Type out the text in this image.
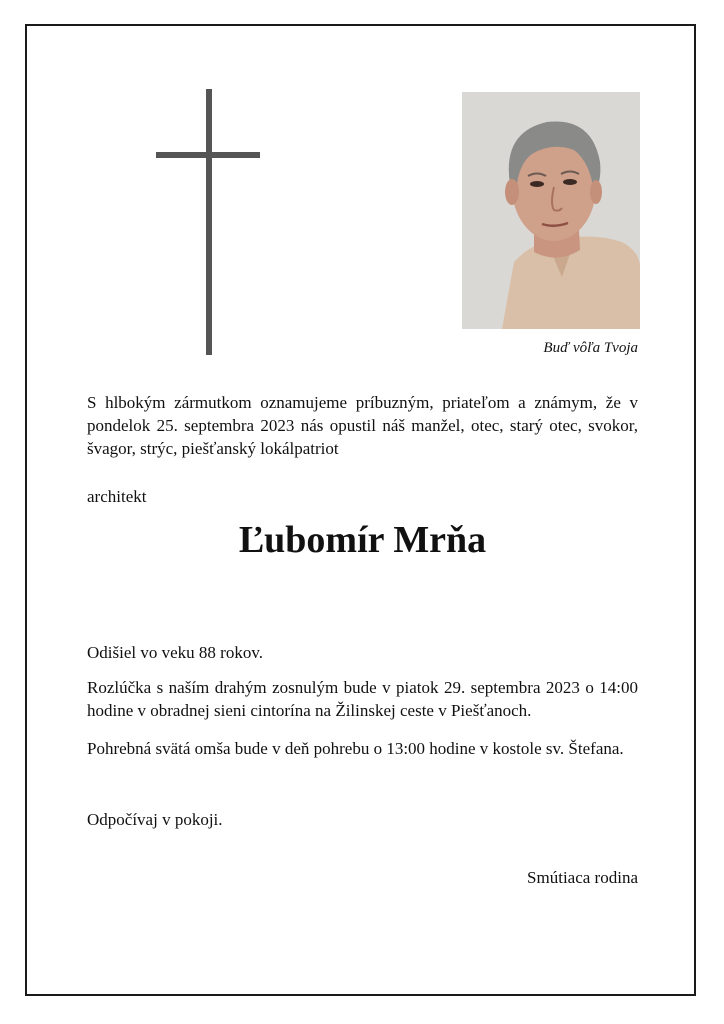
Buď vôľa Tvoja
S hlbokým zármutkom oznamujeme príbuzným, priateľom a známym, že v pondelok 25. septembra 2023 nás opustil náš manžel, otec, starý otec, svokor, švagor, strýc, piešťanský lokálpatriot
architekt
Ľubomír Mrňa
Odišiel vo veku 88 rokov.
Rozlúčka s naším drahým zosnulým bude v piatok 29. septembra 2023 o 14:00 hodine v obradnej sieni cintorína na Žilinskej ceste v Piešťanoch.
Pohrebná svätá omša bude v deň pohrebu o 13:00 hodine v kostole sv. Štefana.
Odpočívaj v pokoji.
Smútiaca rodina
